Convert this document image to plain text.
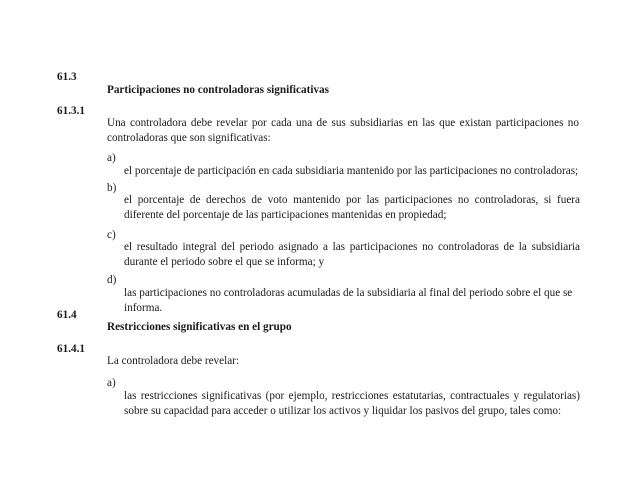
61.3
Participaciones no controladoras significativas
61.3.1
Una controladora debe revelar por cada una de sus subsidiarias en las que existan participaciones no controladoras que son significativas:
a)
el porcentaje de participación en cada subsidiaria mantenido por las participaciones no controladoras;
b)
el porcentaje de derechos de voto mantenido por las participaciones no controladoras, si fuera diferente del porcentaje de las participaciones mantenidas en propiedad;
c)
el resultado integral del periodo asignado a las participaciones no controladoras de la subsidiaria durante el periodo sobre el que se informa; y
d)
las participaciones no controladoras acumuladas de la subsidiaria al final del periodo sobre el que se informa.
61.4
Restricciones significativas en el grupo
61.4.1
La controladora debe revelar:
a)
las restricciones significativas (por ejemplo, restricciones estatutarias, contractuales y regulatorias) sobre su capacidad para acceder o utilizar los activos y liquidar los pasivos del grupo, tales como:
